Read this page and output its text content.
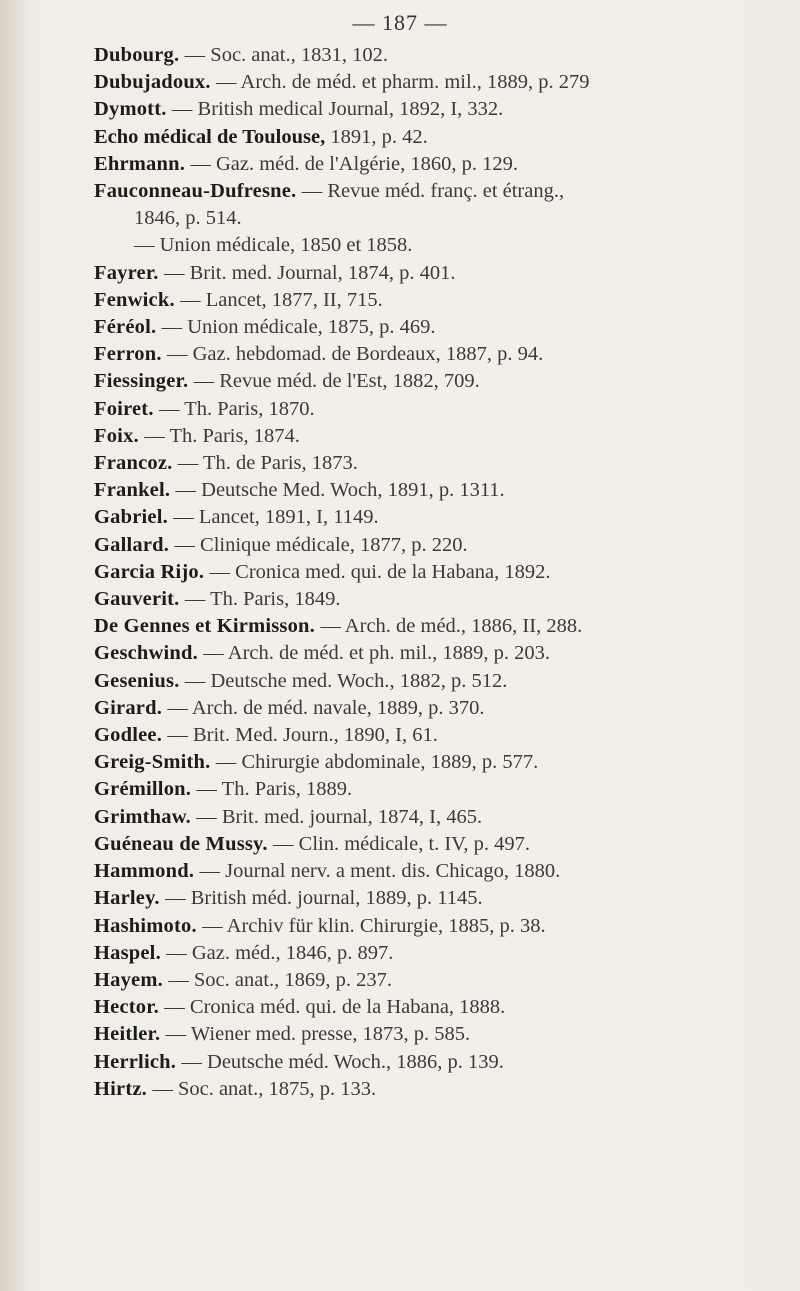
— 187 —
Dubourg . — Soc. anat., 1831, 102.
Dubujadoux . — Arch. de méd. et pharm. mil., 1889, p. 279
Dymott . — British medical Journal, 1892, I, 332.
Echo médical de Toulouse, 1891, p. 42.
Ehrmann . — Gaz. méd. de l'Algérie, 1860, p. 129.
Fauconneau-Dufresne . — Revue méd. franç. et étrang.,
1846, p. 514.
— Union médicale, 1850 et 1858.
Fayrer . — Brit. med. Journal, 1874, p. 401.
Fenwick . — Lancet, 1877, II, 715.
Féréol . — Union médicale, 1875, p. 469.
Ferron . — Gaz. hebdomad. de Bordeaux, 1887, p. 94.
Fiessinger . — Revue méd. de l'Est, 1882, 709.
Foiret . — Th. Paris, 1870.
Foix . — Th. Paris, 1874.
Francoz . — Th. de Paris, 1873.
Frankel . — Deutsche Med. Woch, 1891, p. 1311.
Gabriel . — Lancet, 1891, I, 1149.
Gallard . — Clinique médicale, 1877, p. 220.
Garcia Rijo . — Cronica med. qui. de la Habana, 1892.
Gauverit . — Th. Paris, 1849.
De Gennes et Kirmisson . — Arch. de méd., 1886, II, 288.
Geschwind . — Arch. de méd. et ph. mil., 1889, p. 203.
Gesenius . — Deutsche med. Woch., 1882, p. 512.
Girard . — Arch. de méd. navale, 1889, p. 370.
Godlee . — Brit. Med. Journ., 1890, I, 61.
Greig-Smith . — Chirurgie abdominale, 1889, p. 577.
Grémillon . — Th. Paris, 1889.
Grimthaw . — Brit. med. journal, 1874, I, 465.
Guéneau de Mussy . — Clin. médicale, t. IV, p. 497.
Hammond . — Journal nerv. a ment. dis. Chicago, 1880.
Harley . — British méd. journal, 1889, p. 1145.
Hashimoto . — Archiv für klin. Chirurgie, 1885, p. 38.
Haspel . — Gaz. méd., 1846, p. 897.
Hayem . — Soc. anat., 1869, p. 237.
Hector . — Cronica méd. qui. de la Habana, 1888.
Heitler . — Wiener med. presse, 1873, p. 585.
Herrlich . — Deutsche méd. Woch., 1886, p. 139.
Hirtz . — Soc. anat., 1875, p. 133.
